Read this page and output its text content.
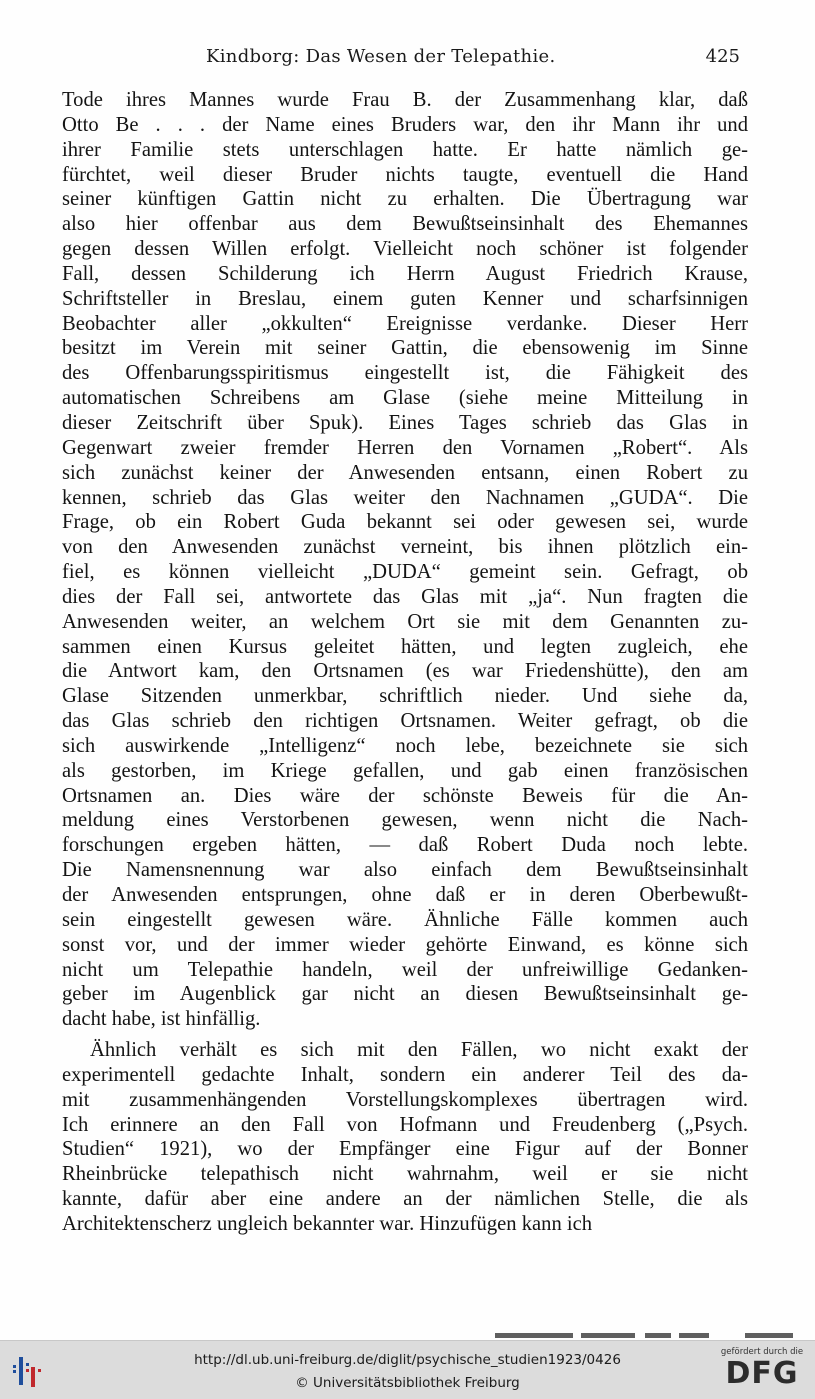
Kindborg: Das Wesen der Telepathie.	425
Tode ihres Mannes wurde Frau B. der Zusammenhang klar, daß
Otto Be . . . der Name eines Bruders war, den ihr Mann ihr und
ihrer Familie stets unterschlagen hatte. Er hatte nämlich ge-
fürchtet, weil dieser Bruder nichts taugte, eventuell die Hand
seiner künftigen Gattin nicht zu erhalten. Die Übertragung war
also hier offenbar aus dem Bewußtseinsinhalt des Ehemannes
gegen dessen Willen erfolgt. Vielleicht noch schöner ist folgender
Fall, dessen Schilderung ich Herrn August Friedrich Krause,
Schriftsteller in Breslau, einem guten Kenner und scharfsinnigen
Beobachter aller „okkulten“ Ereignisse verdanke. Dieser Herr
besitzt im Verein mit seiner Gattin, die ebensowenig im Sinne
des Offenbarungsspiritismus eingestellt ist, die Fähigkeit des
automatischen Schreibens am Glase (siehe meine Mitteilung in
dieser Zeitschrift über Spuk). Eines Tages schrieb das Glas in
Gegenwart zweier fremder Herren den Vornamen „Robert“. Als
sich zunächst keiner der Anwesenden entsann, einen Robert zu
kennen, schrieb das Glas weiter den Nachnamen „GUDA“. Die
Frage, ob ein Robert Guda bekannt sei oder gewesen sei, wurde
von den Anwesenden zunächst verneint, bis ihnen plötzlich ein-
fiel, es können vielleicht „DUDA“ gemeint sein. Gefragt, ob
dies der Fall sei, antwortete das Glas mit „ja“. Nun fragten die
Anwesenden weiter, an welchem Ort sie mit dem Genannten zu-
sammen einen Kursus geleitet hätten, und legten zugleich, ehe
die Antwort kam, den Ortsnamen (es war Friedenshütte), den am
Glase Sitzenden unmerkbar, schriftlich nieder. Und siehe da,
das Glas schrieb den richtigen Ortsnamen. Weiter gefragt, ob die
sich auswirkende „Intelligenz“ noch lebe, bezeichnete sie sich
als gestorben, im Kriege gefallen, und gab einen französischen
Ortsnamen an. Dies wäre der schönste Beweis für die An-
meldung eines Verstorbenen gewesen, wenn nicht die Nach-
forschungen ergeben hätten, — daß Robert Duda noch lebte.
Die Namensnennung war also einfach dem Bewußtseinsinhalt
der Anwesenden entsprungen, ohne daß er in deren Oberbewußt-
sein eingestellt gewesen wäre. Ähnliche Fälle kommen auch
sonst vor, und der immer wieder gehörte Einwand, es könne sich
nicht um Telepathie handeln, weil der unfreiwillige Gedanken-
geber im Augenblick gar nicht an diesen Bewußtseinsinhalt ge-
dacht habe, ist hinfällig.
Ähnlich verhält es sich mit den Fällen, wo nicht exakt der
experimentell gedachte Inhalt, sondern ein anderer Teil des da-
mit zusammenhängenden Vorstellungskomplexes übertragen wird.
Ich erinnere an den Fall von Hofmann und Freudenberg („Psych.
Studien“ 1921), wo der Empfänger eine Figur auf der Bonner
Rheinbrücke telepathisch nicht wahrnahm, weil er sie nicht
kannte, dafür aber eine andere an der nämlichen Stelle, die als
Architektenscherz ungleich bekannter war. Hinzufügen kann ich
http://dl.ub.uni-freiburg.de/diglit/psychische_studien1923/0426
© Universitätsbibliothek Freiburg
gefördert durch die
DFG
